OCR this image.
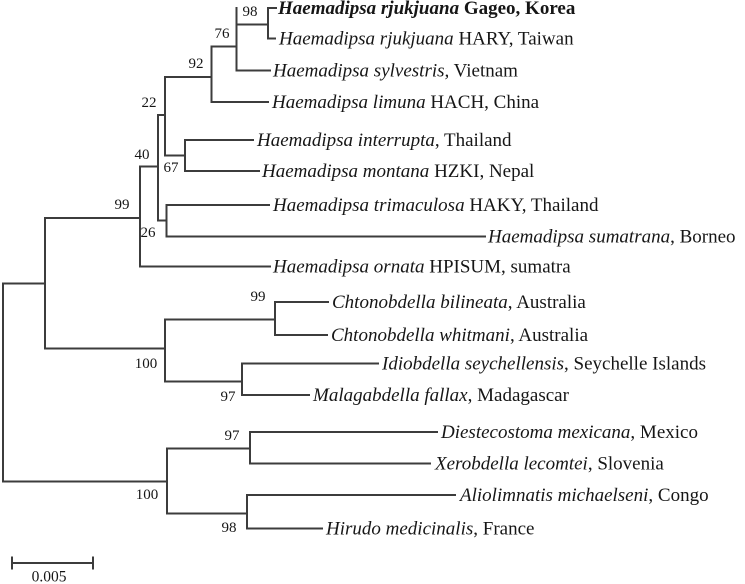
0.005
98
76
92
22
40
67
99
26
99
100
97
97
100
98
Haemadipsa rjukjuana Gageo, Korea
Haemadipsa rjukjuana HARY, Taiwan
Haemadipsa sylvestris, Vietnam
Haemadipsa limuna HACH, China
Haemadipsa interrupta, Thailand
Haemadipsa montana HZKI, Nepal
Haemadipsa trimaculosa HAKY, Thailand
Haemadipsa sumatrana, Borneo
Haemadipsa ornata HPISUM, sumatra
Chtonobdella bilineata, Australia
Chtonobdella whitmani, Australia
Idiobdella seychellensis, Seychelle Islands
Malagabdella fallax, Madagascar
Diestecostoma mexicana, Mexico
Xerobdella lecomtei, Slovenia
Aliolimnatis michaelseni, Congo
Hirudo medicinalis, France
